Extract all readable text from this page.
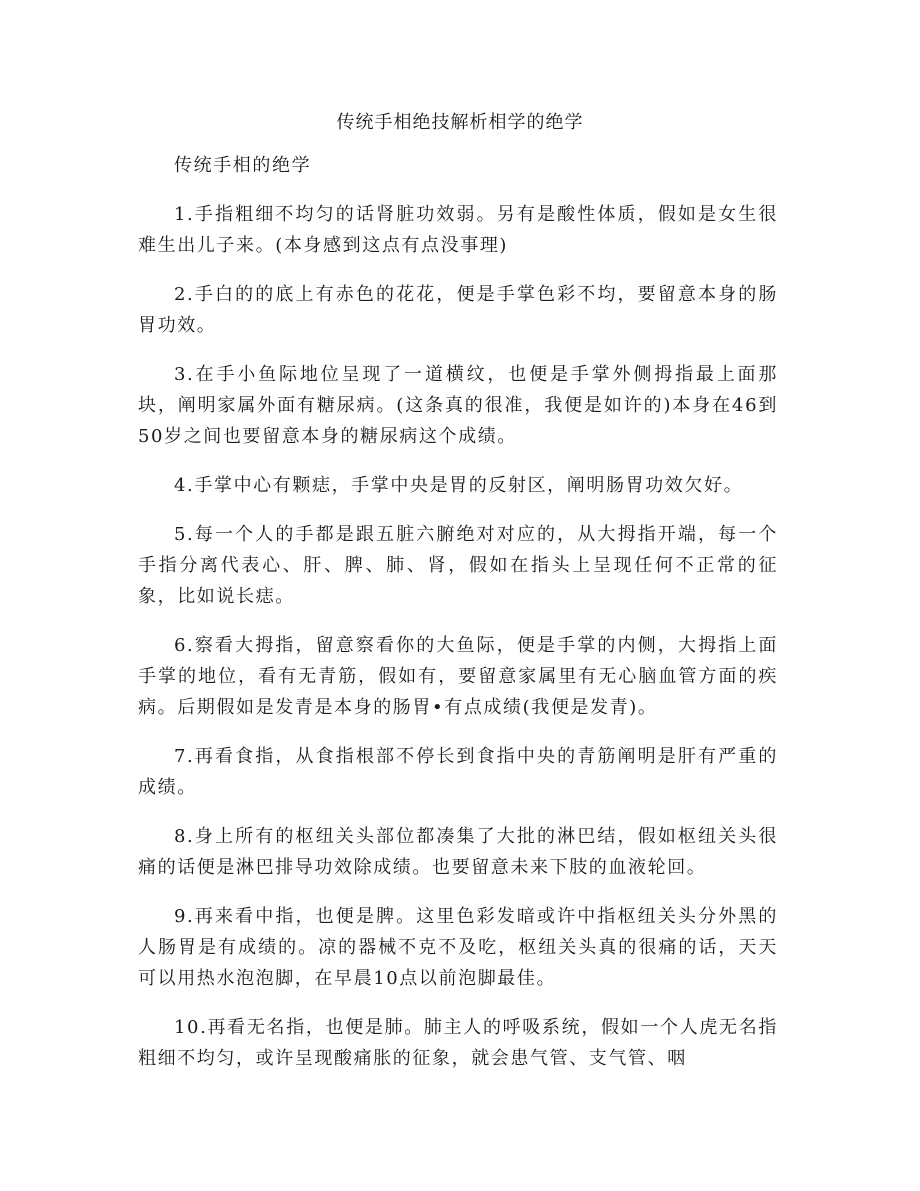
传统手相绝技解析相学的绝学

传统手相的绝学

1.手指粗细不均匀的话肾脏功效弱。另有是酸性体质，假如是女生很难生出儿子来。(本身感到这点有点没事理)

2.手白的的底上有赤色的花花，便是手掌色彩不均，要留意本身的肠胃功效。

3.在手小鱼际地位呈现了一道横纹，也便是手掌外侧拇指最上面那块，阐明家属外面有糖尿病。(这条真的很准，我便是如许的)本身在46到50岁之间也要留意本身的糖尿病这个成绩。

4.手掌中心有颗痣，手掌中央是胃的反射区，阐明肠胃功效欠好。

5.每一个人的手都是跟五脏六腑绝对对应的，从大拇指开端，每一个手指分离代表心、肝、脾、肺、肾，假如在指头上呈现任何不正常的征象，比如说长痣。

6.察看大拇指，留意察看你的大鱼际，便是手掌的内侧，大拇指上面手掌的地位，看有无青筋，假如有，要留意家属里有无心脑血管方面的疾病。后期假如是发青是本身的肠胃•有点成绩(我便是发青)。

7.再看食指，从食指根部不停长到食指中央的青筋阐明是肝有严重的成绩。

8.身上所有的枢纽关头部位都凑集了大批的淋巴结，假如枢纽关头很痛的话便是淋巴排导功效除成绩。也要留意未来下肢的血液轮回。

9.再来看中指，也便是脾。这里色彩发暗或许中指枢纽关头分外黑的人肠胃是有成绩的。凉的器械不克不及吃，枢纽关头真的很痛的话，天天可以用热水泡泡脚，在早晨10点以前泡脚最佳。

10.再看无名指，也便是肺。肺主人的呼吸系统，假如一个人虎无名指粗细不均匀，或许呈现酸痛胀的征象，就会患气管、支气管、咽
